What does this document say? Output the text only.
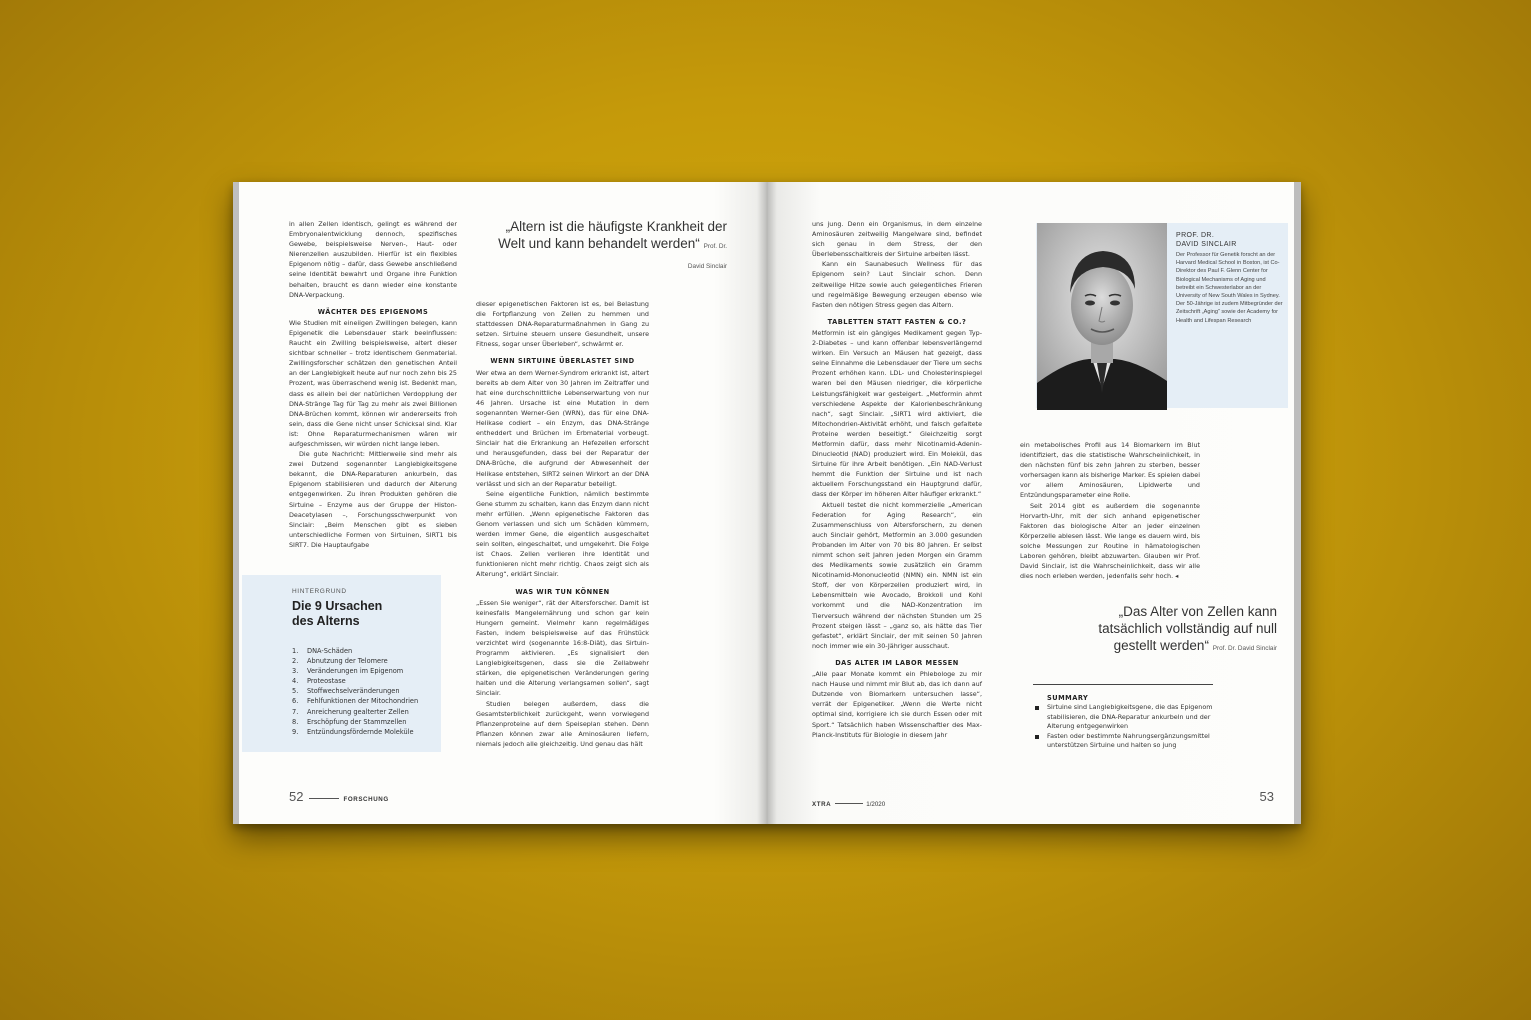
in allen Zellen identisch, gelingt es während der Embryonalentwicklung dennoch, spezifisches Gewebe, beispielsweise Nerven-, Haut- oder Nierenzellen auszubilden. Hierfür ist ein flexibles Epigenom nötig – dafür, dass Gewebe anschließend seine Identität bewahrt und Organe ihre Funktion behalten, braucht es dann wieder eine konstante DNA-Verpackung.

WÄCHTER DES EPIGENOMS

Wie Studien mit eineiigen Zwillingen belegen, kann Epigenetik die Lebensdauer stark beeinflussen: Raucht ein Zwilling beispielsweise, altert dieser sichtbar schneller – trotz identischem Genmaterial. Zwillingsforscher schätzen den genetischen Anteil an der Langlebigkeit heute auf nur noch zehn bis 25 Prozent, was überraschend wenig ist. Bedenkt man, dass es allein bei der natürlichen Verdopplung der DNA-Stränge Tag für Tag zu mehr als zwei Billionen DNA-Brüchen kommt, können wir andererseits froh sein, dass die Gene nicht unser Schicksal sind. Klar ist: Ohne Reparaturmechanismen wären wir aufgeschmissen, wir würden nicht lange leben.

Die gute Nachricht: Mittlerweile sind mehr als zwei Dutzend sogenannter Langlebigkeitsgene bekannt, die DNA-Reparaturen ankurbeln, das Epigenom stabilisieren und dadurch der Alterung entgegenwirken. Zu ihren Produkten gehören die Sirtuine – Enzyme aus der Gruppe der Histon-Deacetylasen –, Forschungsschwerpunkt von Sinclair: „Beim Menschen gibt es sieben unterschiedliche Formen von Sirtuinen, SIRT1 bis SIRT7. Die Hauptaufgabe

„Altern ist die häufigste Krankheit der Welt und kann behandelt werden“ Prof. Dr. David Sinclair

dieser epigenetischen Faktoren ist es, bei Belastung die Fortpflanzung von Zellen zu hemmen und stattdessen DNA-Reparaturmaßnahmen in Gang zu setzen. Sirtuine steuern unsere Gesundheit, unsere Fitness, sogar unser Überleben“, schwärmt er.

WENN SIRTUINE ÜBERLASTET SIND

Wer etwa an dem Werner-Syndrom erkrankt ist, altert bereits ab dem Alter von 30 Jahren im Zeitraffer und hat eine durchschnittliche Lebenserwartung von nur 46 Jahren. Ursache ist eine Mutation in dem sogenannten Werner-Gen (WRN), das für eine DNA-Helikase codiert – ein Enzym, das DNA-Stränge entheddert und Brüchen im Erbmaterial vorbeugt. Sinclair hat die Erkrankung an Hefezellen erforscht und herausgefunden, dass bei der Reparatur der DNA-Brüche, die aufgrund der Abwesenheit der Helikase entstehen, SIRT2 seinen Wirkort an der DNA verlässt und sich an der Reparatur beteiligt.

Seine eigentliche Funktion, nämlich bestimmte Gene stumm zu schalten, kann das Enzym dann nicht mehr erfüllen. „Wenn epigenetische Faktoren das Genom verlassen und sich um Schäden kümmern, werden immer Gene, die eigentlich ausgeschaltet sein sollten, eingeschaltet, und umgekehrt. Die Folge ist Chaos. Zellen verlieren ihre Identität und funktionieren nicht mehr richtig. Chaos zeigt sich als Alterung“, erklärt Sinclair.

WAS WIR TUN KÖNNEN

„Essen Sie weniger“, rät der Altersforscher. Damit ist keinesfalls Mangelernährung und schon gar kein Hungern gemeint. Vielmehr kann regelmäßiges Fasten, indem beispielsweise auf das Frühstück verzichtet wird (sogenannte 16:8-Diät), das Sirtuin-Programm aktivieren. „Es signalisiert den Langlebigkeitsgenen, dass sie die Zellabwehr stärken, die epigenetischen Veränderungen gering halten und die Alterung verlangsamen sollen“, sagt Sinclair.

Studien belegen außerdem, dass die Gesamtsterblichkeit zurückgeht, wenn vorwiegend Pflanzenproteine auf dem Speiseplan stehen. Denn Pflanzen können zwar alle Aminosäuren liefern, niemals jedoch alle gleichzeitig. Und genau das hält

HINTERGRUND
Die 9 Ursachen
des Alterns
1. DNA-Schäden
2. Abnutzung der Telomere
3. Veränderungen im Epigenom
4. Proteostase
5. Stoffwechselveränderungen
6. Fehlfunktionen der Mitochondrien
7. Anreicherung gealterter Zellen
8. Erschöpfung der Stammzellen
9. Entzündungsfördernde Moleküle
52	FORSCHUNG

uns jung. Denn ein Organismus, in dem einzelne Aminosäuren zeitweilig Mangelware sind, befindet sich genau in dem Stress, der den Überlebensschaltkreis der Sirtuine arbeiten lässt.

Kann ein Saunabesuch Wellness für das Epigenom sein? Laut Sinclair schon. Denn zeitweilige Hitze sowie auch gelegentliches Frieren und regelmäßige Bewegung erzeugen ebenso wie Fasten den nötigen Stress gegen das Altern.

TABLETTEN STATT FASTEN & CO.?

Metformin ist ein gängiges Medikament gegen Typ-2-Diabetes – und kann offenbar lebensverlängernd wirken. Ein Versuch an Mäusen hat gezeigt, dass seine Einnahme die Lebensdauer der Tiere um sechs Prozent erhöhen kann. LDL- und Cholesterinspiegel waren bei den Mäusen niedriger, die körperliche Leistungsfähigkeit war gesteigert. „Metformin ahmt verschiedene Aspekte der Kalorienbeschränkung nach“, sagt Sinclair. „SIRT1 wird aktiviert, die Mitochondrien-Aktivität erhöht, und falsch gefaltete Proteine werden beseitigt.“ Gleichzeitig sorgt Metformin dafür, dass mehr Nicotinamid-Adenin-Dinucleotid (NAD) produziert wird. Ein Molekül, das Sirtuine für ihre Arbeit benötigen. „Ein NAD-Verlust hemmt die Funktion der Sirtuine und ist nach aktuellem Forschungsstand ein Hauptgrund dafür, dass der Körper im höheren Alter häufiger erkrankt.“

Aktuell testet die nicht kommerzielle „American Federation for Aging Research“, ein Zusammenschluss von Altersforschern, zu denen auch Sinclair gehört, Metformin an 3.000 gesunden Probanden im Alter von 70 bis 80 Jahren. Er selbst nimmt schon seit Jahren jeden Morgen ein Gramm des Medikaments sowie zusätzlich ein Gramm Nicotinamid-Mononucleotid (NMN) ein. NMN ist ein Stoff, der von Körperzellen produziert wird, in Lebensmitteln wie Avocado, Brokkoli und Kohl vorkommt und die NAD-Konzentration im Tierversuch während der nächsten Stunden um 25 Prozent steigen lässt – „ganz so, als hätte das Tier gefastet“, erklärt Sinclair, der mit seinen 50 Jahren noch immer wie ein 30-Jähriger ausschaut.

DAS ALTER IM LABOR MESSEN

„Alle paar Monate kommt ein Phlebologe zu mir nach Hause und nimmt mir Blut ab, das ich dann auf Dutzende von Biomarkern untersuchen lasse“, verrät der Epigenetiker. „Wenn die Werte nicht optimal sind, korrigiere ich sie durch Essen oder mit Sport.“ Tatsächlich haben Wissenschaftler des Max-Planck-Instituts für Biologie in diesem Jahr

PROF. DR.
DAVID SINCLAIR
Der Professor für Genetik forscht an der Harvard Medical School in Boston, ist Co-Direktor des Paul F. Glenn Center for Biological Mechanisms of Aging und betreibt ein Schwesterlabor an der University of New South Wales in Sydney. Der 50-Jährige ist zudem Mitbegründer der Zeitschrift „Aging“ sowie der Academy for Health and Lifespan Research

ein metabolisches Profil aus 14 Biomarkern im Blut identifiziert, das die statistische Wahrscheinlichkeit, in den nächsten fünf bis zehn Jahren zu sterben, besser vorhersagen kann als bisherige Marker. Es spielen dabei vor allem Aminosäuren, Lipidwerte und Entzündungsparameter eine Rolle.

Seit 2014 gibt es außerdem die sogenannte Horvarth-Uhr, mit der sich anhand epigenetischer Faktoren das biologische Alter an jeder einzelnen Körperzelle ablesen lässt. Wie lange es dauern wird, bis solche Messungen zur Routine in hämatologischen Laboren gehören, bleibt abzuwarten. Glauben wir Prof. David Sinclair, ist die Wahrscheinlichkeit, dass wir alle dies noch erleben werden, jedenfalls sehr hoch. ◂

„Das Alter von Zellen kann tatsächlich vollständig auf null gestellt werden“ Prof. Dr. David Sinclair
SUMMARY
Sirtuine sind Langlebigkeitsgene, die das Epigenom stabilisieren, die DNA-Reparatur ankurbeln und der Alterung entgegenwirken
Fasten oder bestimmte Nahrungsergänzungsmittel unterstützen Sirtuine und halten so jung
XTRA	1/2020
53
